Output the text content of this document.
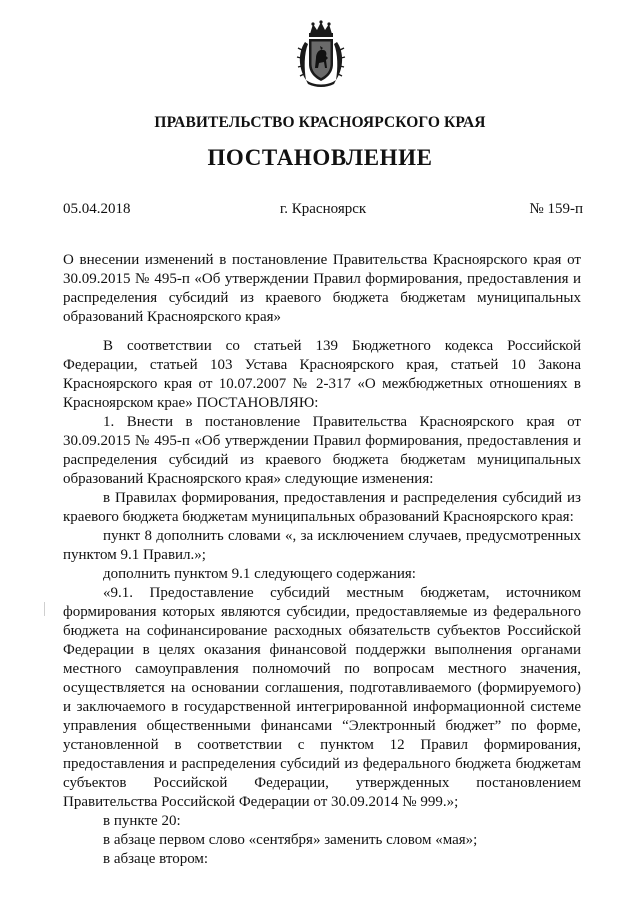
ПРАВИТЕЛЬСТВО КРАСНОЯРСКОГО КРАЯ
ПОСТАНОВЛЕНИЕ
05.04.2018	г. Красноярск	№ 159-п

О внесении изменений в постановление Правительства Красноярского края от 30.09.2015 № 495-п «Об утверждении Правил формирования, предоставления и распределения субсидий из краевого бюджета бюджетам муниципальных образований Красноярского края»

В соответствии со статьей 139 Бюджетного кодекса Российской Федерации, статьей 103 Устава Красноярского края, статьей 10 Закона Красноярского края от 10.07.2007 № 2-317 «О межбюджетных отношениях в Красноярском крае» ПОСТАНОВЛЯЮ:

1. Внести в постановление Правительства Красноярского края от 30.09.2015 № 495-п «Об утверждении Правил формирования, предоставления и распределения субсидий из краевого бюджета бюджетам муниципальных образований Красноярского края» следующие изменения:

в Правилах формирования, предоставления и распределения субсидий из краевого бюджета бюджетам муниципальных образований Красноярского края:

пункт 8 дополнить словами «, за исключением случаев, предусмотренных пунктом 9.1 Правил.»;

дополнить пунктом 9.1 следующего содержания:

«9.1. Предоставление субсидий местным бюджетам, источником формирования которых являются субсидии, предоставляемые из федерального бюджета на софинансирование расходных обязательств субъектов Российской Федерации в целях оказания финансовой поддержки выполнения органами местного самоуправления полномочий по вопросам местного значения, осуществляется на основании соглашения, подготавливаемого (формируемого) и заключаемого в государственной интегрированной информационной системе управления общественными финансами “Электронный бюджет” по форме, установленной в соответствии с пунктом 12 Правил формирования, предоставления и распределения субсидий из федерального бюджета бюджетам субъектов Российской Федерации, утвержденных постановлением Правительства Российской Федерации от 30.09.2014 № 999.»;

в пункте 20:

в абзаце первом слово «сентября» заменить словом «мая»;

в абзаце втором:
